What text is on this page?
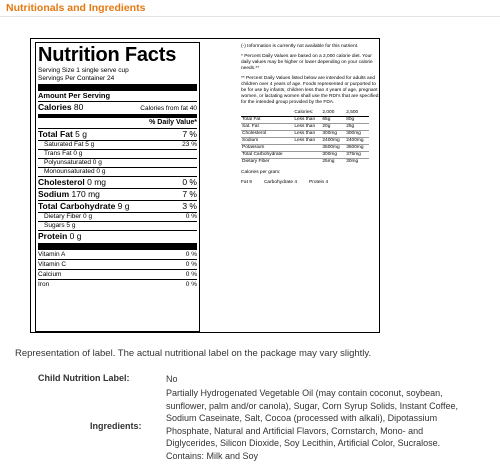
Nutritionals and Ingredients
Nutrition Facts
Serving Size 1 single serve cup
Servings Per Container 24
Amount Per Serving
Calories 80	Calories from fat 40
% Daily Value*
Total Fat 5 g	7 %
Saturated Fat 5 g	23 %
Trans Fat 0 g
Polyunsaturated 0 g
Monounsaturated 0 g
Cholesterol 0 mg	0 %
Sodium 170 mg	7 %
Total Carbohydrate 9 g	3 %
Dietary Fiber 0 g	0 %
Sugars 5 g
Protein 0 g
Vitamin A	0 %
Vitamin C	0 %
Calcium	0 %
Iron	0 %

(-) Information is currently not available for this nutrient.

* Percent Daily Values are based on a 2,000 calorie diet. Your daily values may be higher or lower depending on your calorie needs.**

** Percent Daily Values listed below are intended for adults and children over 4 years of age. Foods represented or purported to be for use by infants, children less than 4 years of age, pregnant women, or lactating women shall use the RDI's that are specified for the intended group provided by the FDA.

	Calories:	2,000	2,500
Total Fat	Less than	65g	80g
Sat. Fat	Less than	20g	25g
Cholesterol	Less than	300mg	300mg
Sodium	Less than	2400mg	2400mg
Potassium		3500mg	3500mg
Total Carbohydrate		300mg	375mg
Dietary Fiber		25mg	30mg
Calories per gram:
Fat 9	Carbohydrate 4	Protein 4
Representation of label. The actual nutritional label on the package may vary slightly.
Child Nutrition Label:	No
Ingredients:
Partially Hydrogenated Vegetable Oil (may contain coconut, soybean,
sunflower, palm and/or canola), Sugar, Corn Syrup Solids, Instant Coffee,
Sodium Caseinate, Salt, Cocoa (processed with alkali), Dipotassium
Phosphate, Natural and Artificial Flavors, Cornstarch, Mono- and
Diglycerides, Silicon Dioxide, Soy Lecithin, Artificial Color, Sucralose.
Contains: Milk and Soy
